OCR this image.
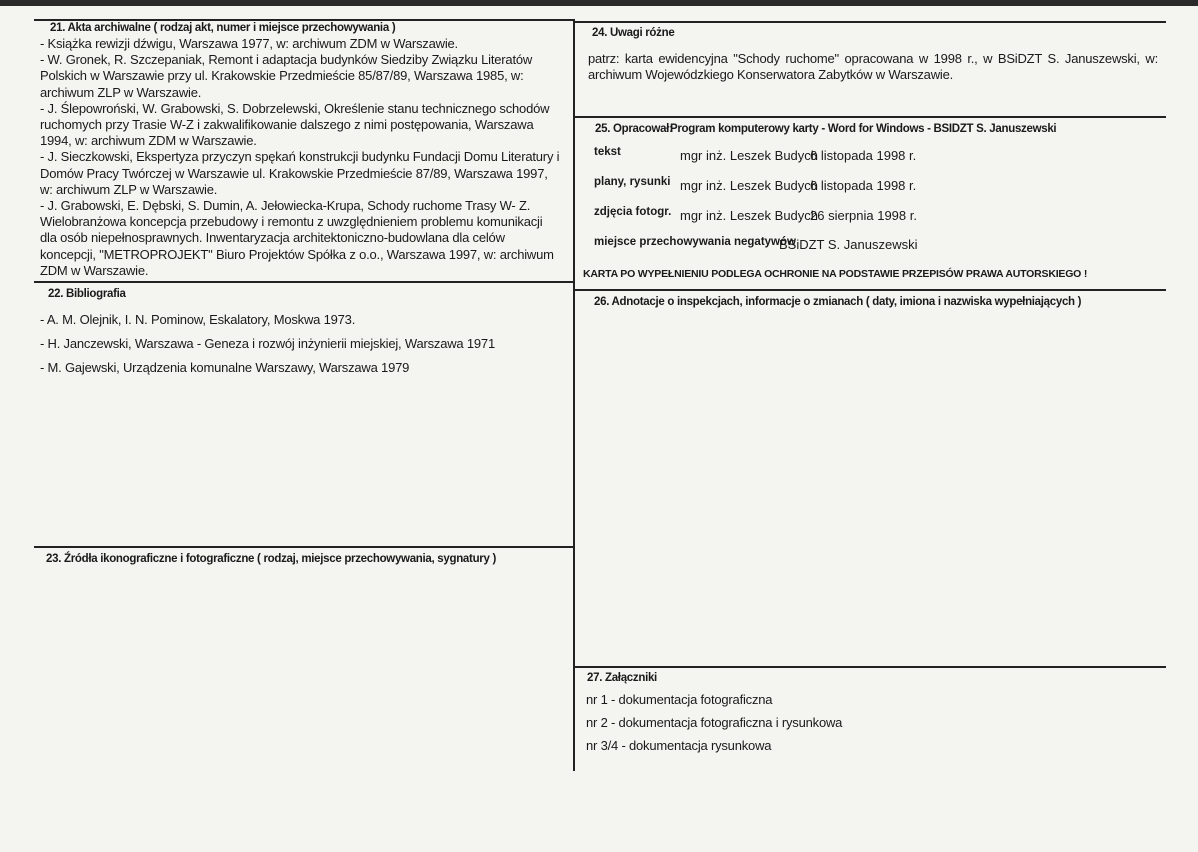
21. Akta archiwalne ( rodzaj akt, numer i miejsce przechowywania )
- Książka rewizji dźwigu, Warszawa 1977, w: archiwum ZDM w Warszawie.
- W. Gronek, R. Szczepaniak, Remont i adaptacja budynków Siedziby Związku Literatów Polskich w Warszawie przy ul. Krakowskie Przedmieście 85/87/89, Warszawa 1985, w: archiwum ZLP w Warszawie.
- J. Ślepowroński, W. Grabowski, S. Dobrzelewski, Określenie stanu technicznego schodów ruchomych przy Trasie W-Z i zakwalifikowanie dalszego z nimi postępowania, Warszawa 1994, w: archiwum ZDM w Warszawie.
- J. Sieczkowski, Ekspertyza przyczyn spękań konstrukcji budynku Fundacji Domu Literatury i Domów Pracy Twórczej w Warszawie ul. Krakowskie Przedmieście 87/89, Warszawa 1997, w: archiwum ZLP w Warszawie.
- J. Grabowski, E. Dębski, S. Dumin, A. Jełowiecka-Krupa, Schody ruchome Trasy W- Z. Wielobranżowa koncepcja przebudowy i remontu z uwzględnieniem problemu komunikacji dla osób niepełnosprawnych. Inwentaryzacja architektoniczno-budowlana dla celów koncepcji, "METROPROJEKT" Biuro Projektów Spółka z o.o., Warszawa 1997, w: archiwum ZDM w Warszawie.
22. Bibliografia
- A. M. Olejnik, I. N. Pominow, Eskalatory, Moskwa 1973.
- H. Janczewski, Warszawa - Geneza i rozwój inżynierii miejskiej, Warszawa 1971
- M. Gajewski, Urządzenia komunalne Warszawy, Warszawa 1979
23. Źródła ikonograficzne i fotograficzne ( rodzaj, miejsce przechowywania, sygnatury )
24. Uwagi różne
patrz: karta ewidencyjna "Schody ruchome" opracowana w 1998 r., w BSiDZT S. Januszewski, w: archiwum Wojewódzkiego Konserwatora Zabytków w Warszawie.
25. Opracował:
Program komputerowy karty - Word for Windows - BSIDZT S. Januszewski
tekst	mgr inż. Leszek Budych
6 listopada 1998 r.
plany, rysunki mgr inż. Leszek Budych
6 listopada 1998 r.
zdjęcia fotogr. mgr inż. Leszek Budych
26 sierpnia 1998 r.
miejsce przechowywania negatywów
BSiDZT S. Januszewski
KARTA PO WYPEŁNIENIU PODLEGA OCHRONIE NA PODSTAWIE PRZEPISÓW PRAWA AUTORSKIEGO !
26. Adnotacje o inspekcjach, informacje o zmianach ( daty, imiona i nazwiska wypełniających )
27. Załączniki
nr 1 - dokumentacja fotograficzna
nr 2 - dokumentacja fotograficzna i rysunkowa
nr 3/4 - dokumentacja rysunkowa
